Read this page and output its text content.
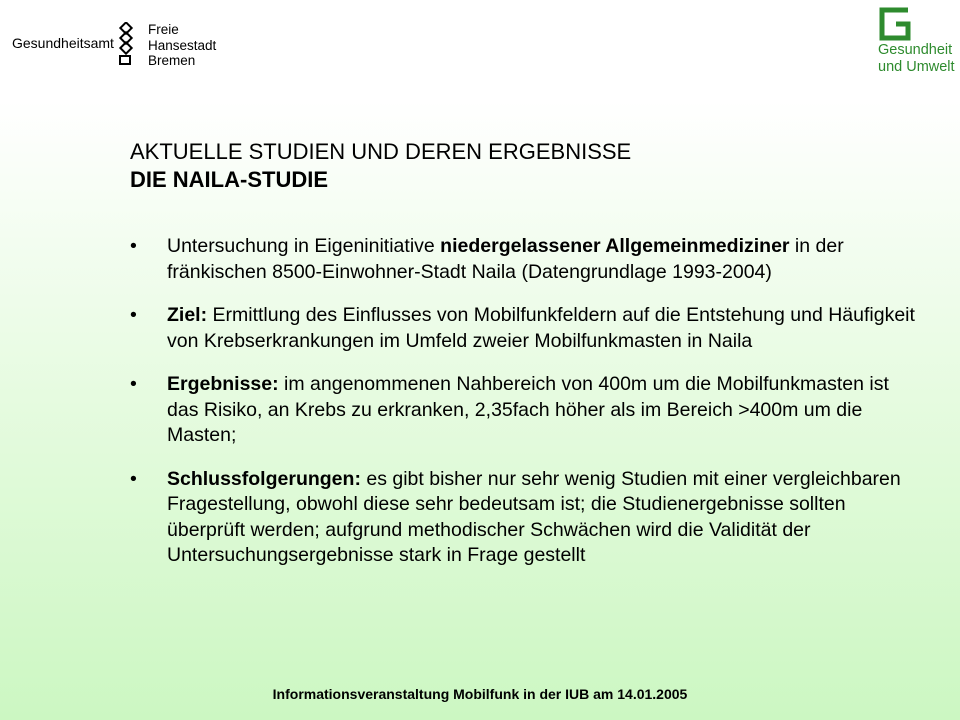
Gesundheitsamt
Freie
Hansestadt
Bremen
Gesundheit
und Umwelt
AKTUELLE STUDIEN UND DEREN ERGEBNISSE
DIE NAILA-STUDIE
• Untersuchung in Eigeninitiative niedergelassener Allgemeinmediziner in der fränkischen 8500-Einwohner-Stadt Naila (Datengrundlage 1993-2004)
• Ziel: Ermittlung des Einflusses von Mobilfunkfeldern auf die Entstehung und Häufigkeit von Krebserkrankungen im Umfeld zweier Mobilfunkmasten in Naila
• Ergebnisse: im angenommenen Nahbereich von 400m um die Mobilfunkmasten ist das Risiko, an Krebs zu erkranken, 2,35fach höher als im Bereich >400m um die Masten;
• Schlussfolgerungen: es gibt bisher nur sehr wenig Studien mit einer vergleichbaren Fragestellung, obwohl diese sehr bedeutsam ist; die Studienergebnisse sollten überprüft werden; aufgrund methodischer Schwächen wird die Validität der Untersuchungsergebnisse stark in Frage gestellt
Informationsveranstaltung Mobilfunk in der IUB am 14.01.2005
